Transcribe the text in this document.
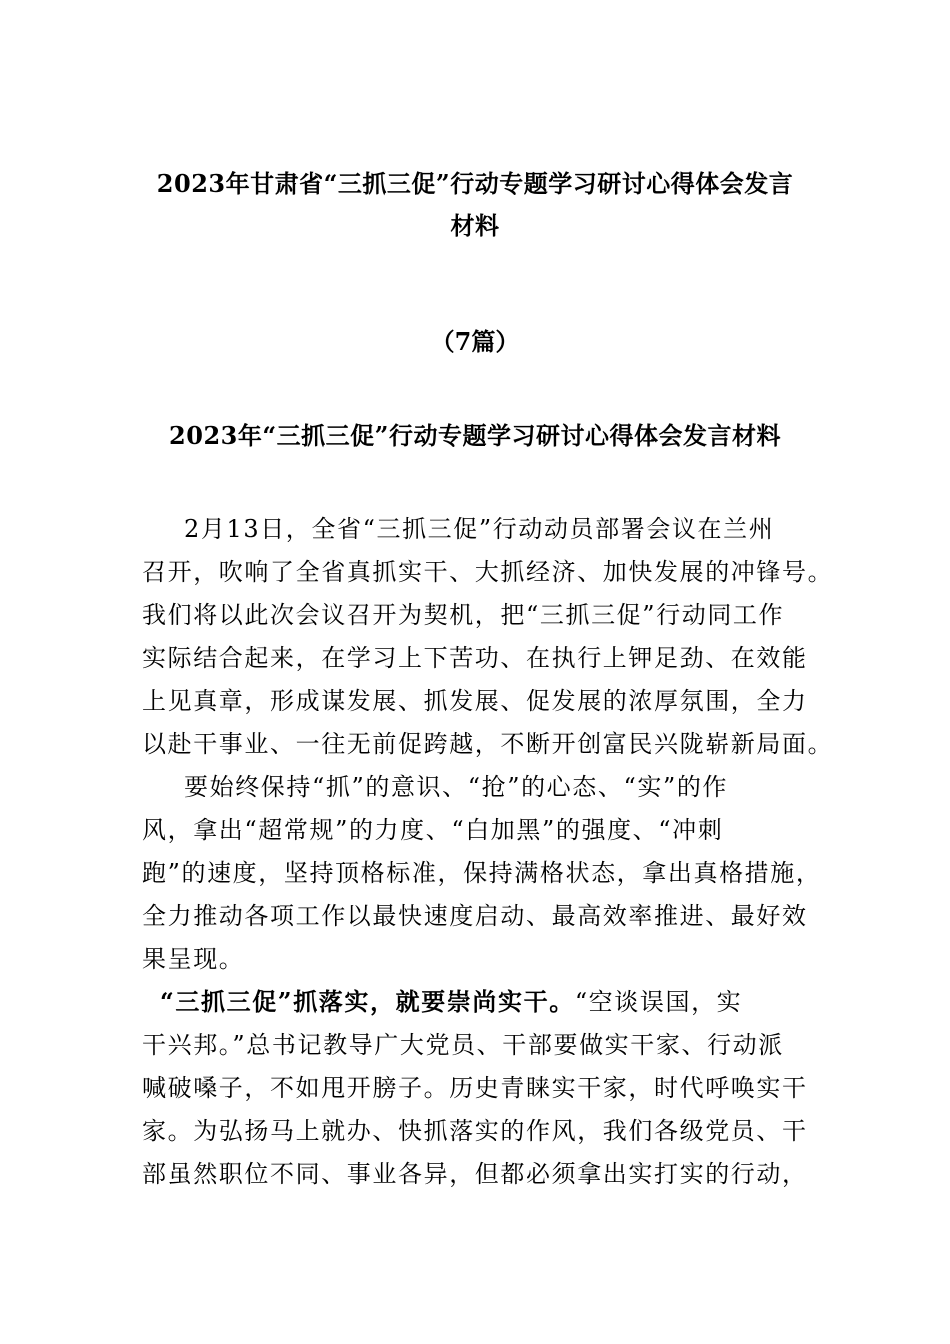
2023年甘肃省“三抓三促”行动专题学习研讨心得体会发言
材料
（7篇）
2023年“三抓三促”行动专题学习研讨心得体会发言材料

2月13日，全省“三抓三促”行动动员部署会议在兰州

召开，吹响了全省真抓实干、大抓经济、加快发展的冲锋号。

我们将以此次会议召开为契机，把“三抓三促”行动同工作

实际结合起来，在学习上下苦功、在执行上钾足劲、在效能

上见真章，形成谋发展、抓发展、促发展的浓厚氛围，全力

以赴干事业、一往无前促跨越，不断开创富民兴陇崭新局面。

要始终保持“抓”的意识、“抢”的心态、“实”的作

风，拿出“超常规”的力度、“白加黑”的强度、“冲刺

跑”的速度，坚持顶格标准，保持满格状态，拿出真格措施，

全力推动各项工作以最快速度启动、最高效率推进、最好效

果呈现。

“三抓三促”抓落实，就要崇尚实干。“空谈误国，实

干兴邦。”总书记教导广大党员、干部要做实干家、行动派

喊破嗓子，不如甩开膀子。历史青睐实干家，时代呼唤实干

家。为弘扬马上就办、快抓落实的作风，我们各级党员、干

部虽然职位不同、事业各异，但都必须拿出实打实的行动，
